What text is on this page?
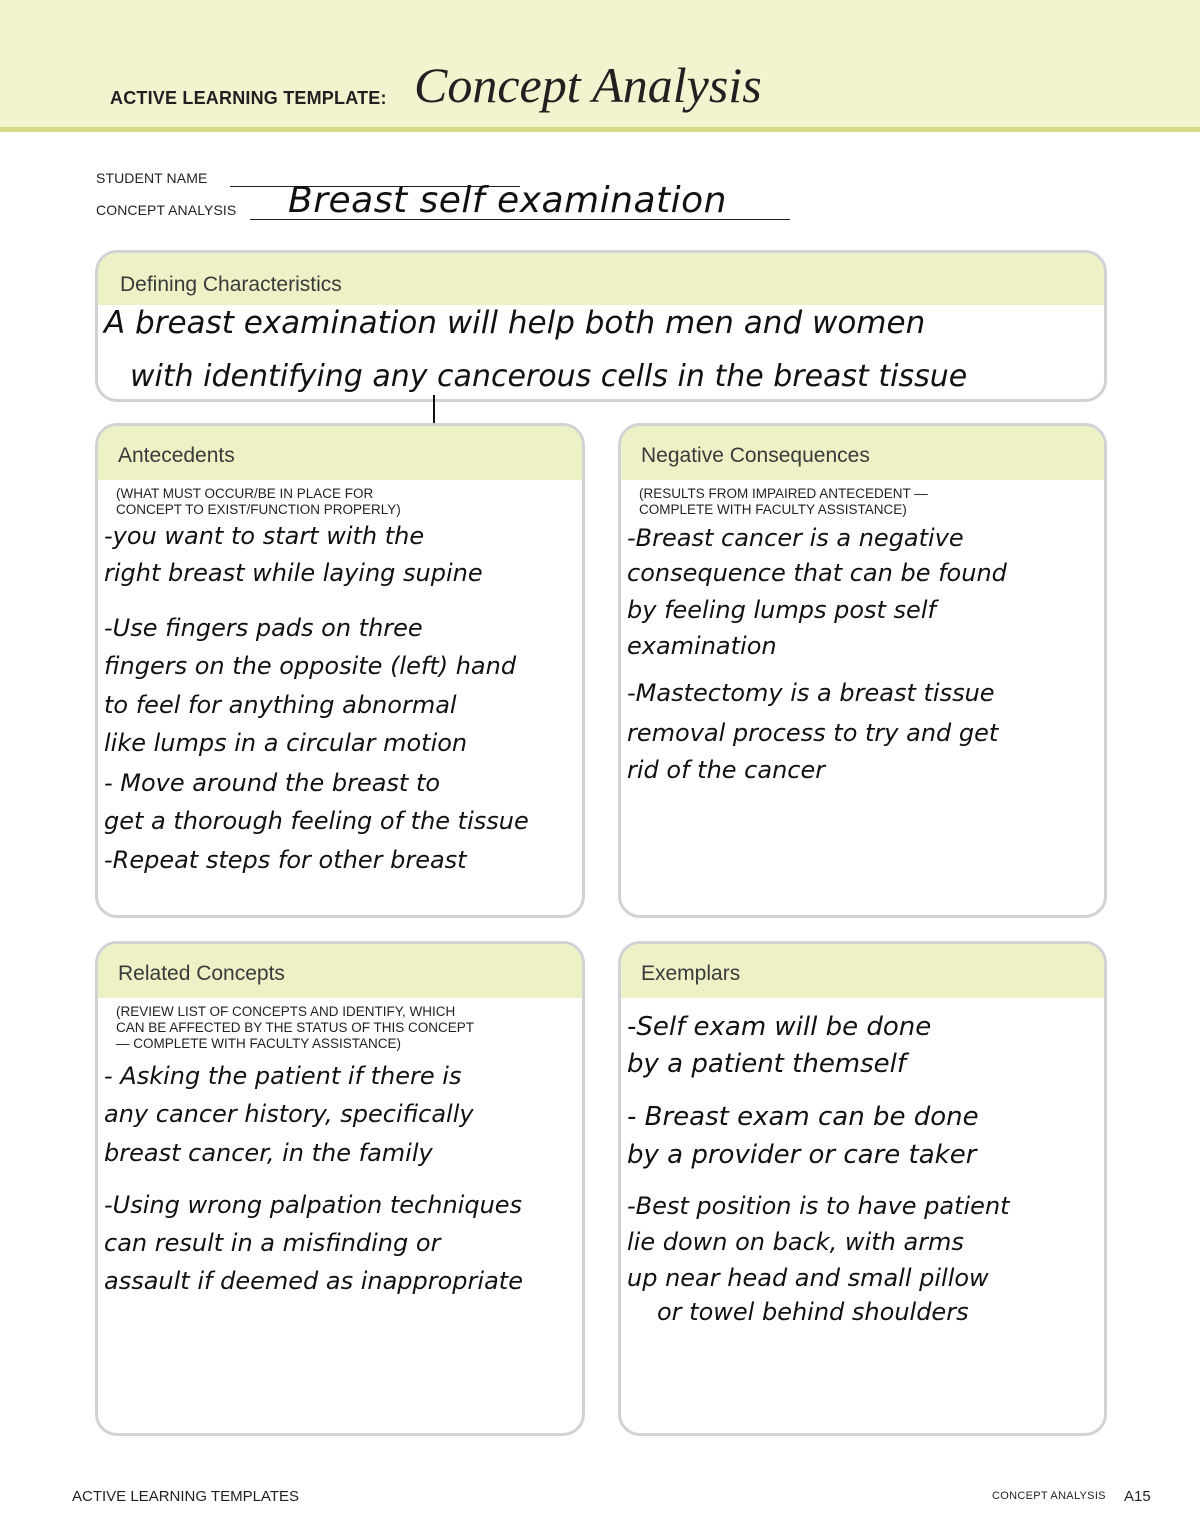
ACTIVE LEARNING TEMPLATE: Concept Analysis
STUDENT NAME
CONCEPT ANALYSIS Breast self examination
Defining Characteristics
A breast examination will help both men and women
with identifying any cancerous cells in the breast tissue
Antecedents
(WHAT MUST OCCUR/BE IN PLACE FOR
CONCEPT TO EXIST/FUNCTION PROPERLY)
-you want to start with the
right breast while laying supine
-Use fingers pads on three
fingers on the opposite (left) hand
to feel for anything abnormal
like lumps in a circular motion
- Move around the breast to
get a thorough feeling of the tissue
-Repeat steps for other breast
Negative Consequences
(RESULTS FROM IMPAIRED ANTECEDENT —
COMPLETE WITH FACULTY ASSISTANCE)
-Breast cancer is a negative
consequence that can be found
by feeling lumps post self
examination
-Mastectomy is a breast tissue
removal process to try and get
rid of the cancer
Related Concepts
(REVIEW LIST OF CONCEPTS AND IDENTIFY, WHICH
CAN BE AFFECTED BY THE STATUS OF THIS CONCEPT
— COMPLETE WITH FACULTY ASSISTANCE)
- Asking the patient if there is
any cancer history, specifically
breast cancer, in the family
-Using wrong palpation techniques
can result in a misfinding or
assault if deemed as inappropriate
Exemplars
-Self exam will be done
by a patient themself
- Breast exam can be done
by a provider or care taker
-Best position is to have patient
lie down on back, with arms
up near head and small pillow
or towel behind shoulders
ACTIVE LEARNING TEMPLATES	CONCEPT ANALYSIS A15
